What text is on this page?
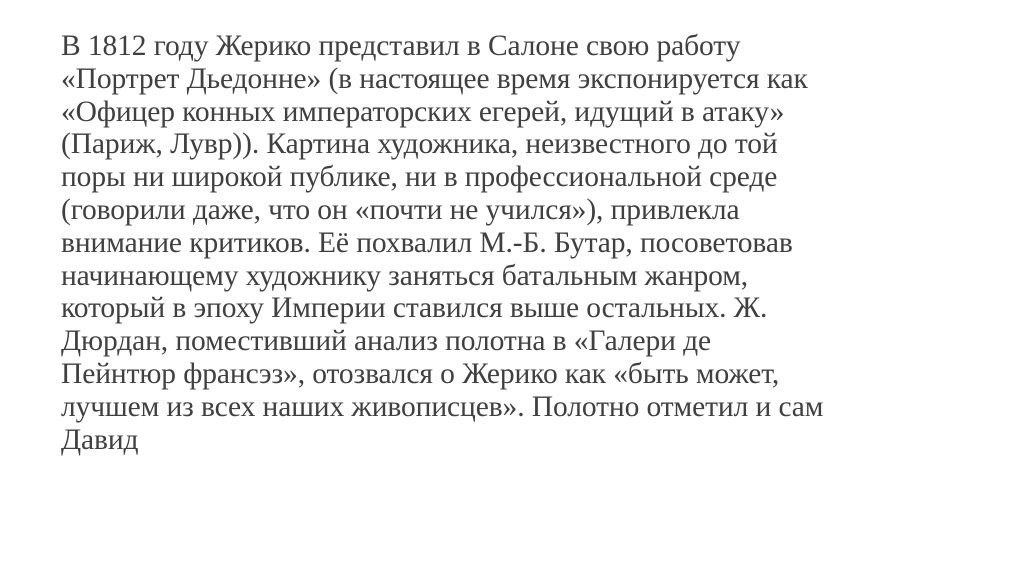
В 1812 году Жерико представил в Салоне свою работу
«Портрет Дьедонне» (в настоящее время экспонируется как
«Офицер конных императорских егерей, идущий в атаку»
(Париж, Лувр)). Картина художника, неизвестного до той
поры ни широкой публике, ни в профессиональной среде
(говорили даже, что он «почти не учился»), привлекла
внимание критиков. Её похвалил М.-Б. Бутар, посоветовав
начинающему художнику заняться батальным жанром,
который в эпоху Империи ставился выше остальных. Ж.
Дюрдан, поместивший анализ полотна в «Галери де
Пейнтюр франсэз», отозвался о Жерико как «быть может,
лучшем из всех наших живописцев». Полотно отметил и сам
Давид
